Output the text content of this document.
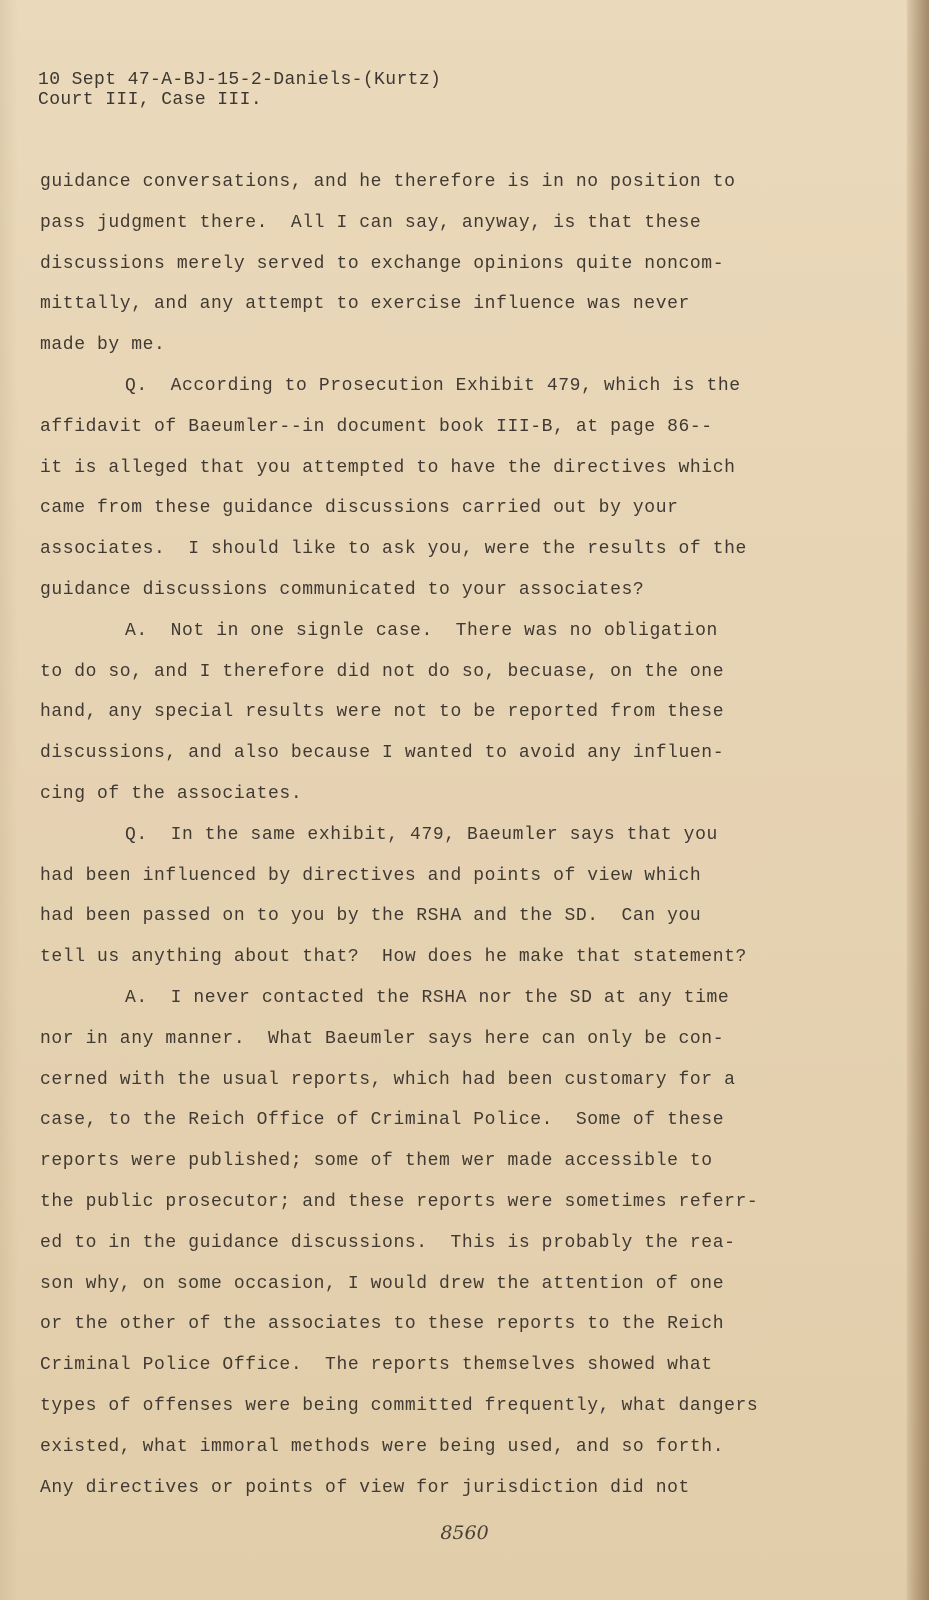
10 Sept 47-A-BJ-15-2-Daniels-(Kurtz)
Court III, Case III.
guidance conversations, and he therefore is in no position to
pass judgment there.  All I can say, anyway, is that these
discussions merely served to exchange opinions quite noncom-
mittally, and any attempt to exercise influence was never
made by me.
Q.  According to Prosecution Exhibit 479, which is the
affidavit of Baeumler--in document book III-B, at page 86--
it is alleged that you attempted to have the directives which
came from these guidance discussions carried out by your
associates.  I should like to ask you, were the results of the
guidance discussions communicated to your associates?
A.  Not in one signle case.  There was no obligation
to do so, and I therefore did not do so, becuase, on the one
hand, any special results were not to be reported from these
discussions, and also because I wanted to avoid any influen-
cing of the associates.
Q.  In the same exhibit, 479, Baeumler says that you
had been influenced by directives and points of view which
had been passed on to you by the RSHA and the SD.  Can you
tell us anything about that?  How does he make that statement?
A.  I never contacted the RSHA nor the SD at any time
nor in any manner.  What Baeumler says here can only be con-
cerned with the usual reports, which had been customary for a
case, to the Reich Office of Criminal Police.  Some of these
reports were published; some of them wer made accessible to
the public prosecutor; and these reports were sometimes referr-
ed to in the guidance discussions.  This is probably the rea-
son why, on some occasion, I would drew the attention of one
or the other of the associates to these reports to the Reich
Criminal Police Office.  The reports themselves showed what
types of offenses were being committed frequently, what dangers
existed, what immoral methods were being used, and so forth.
Any directives or points of view for jurisdiction did not
8560
